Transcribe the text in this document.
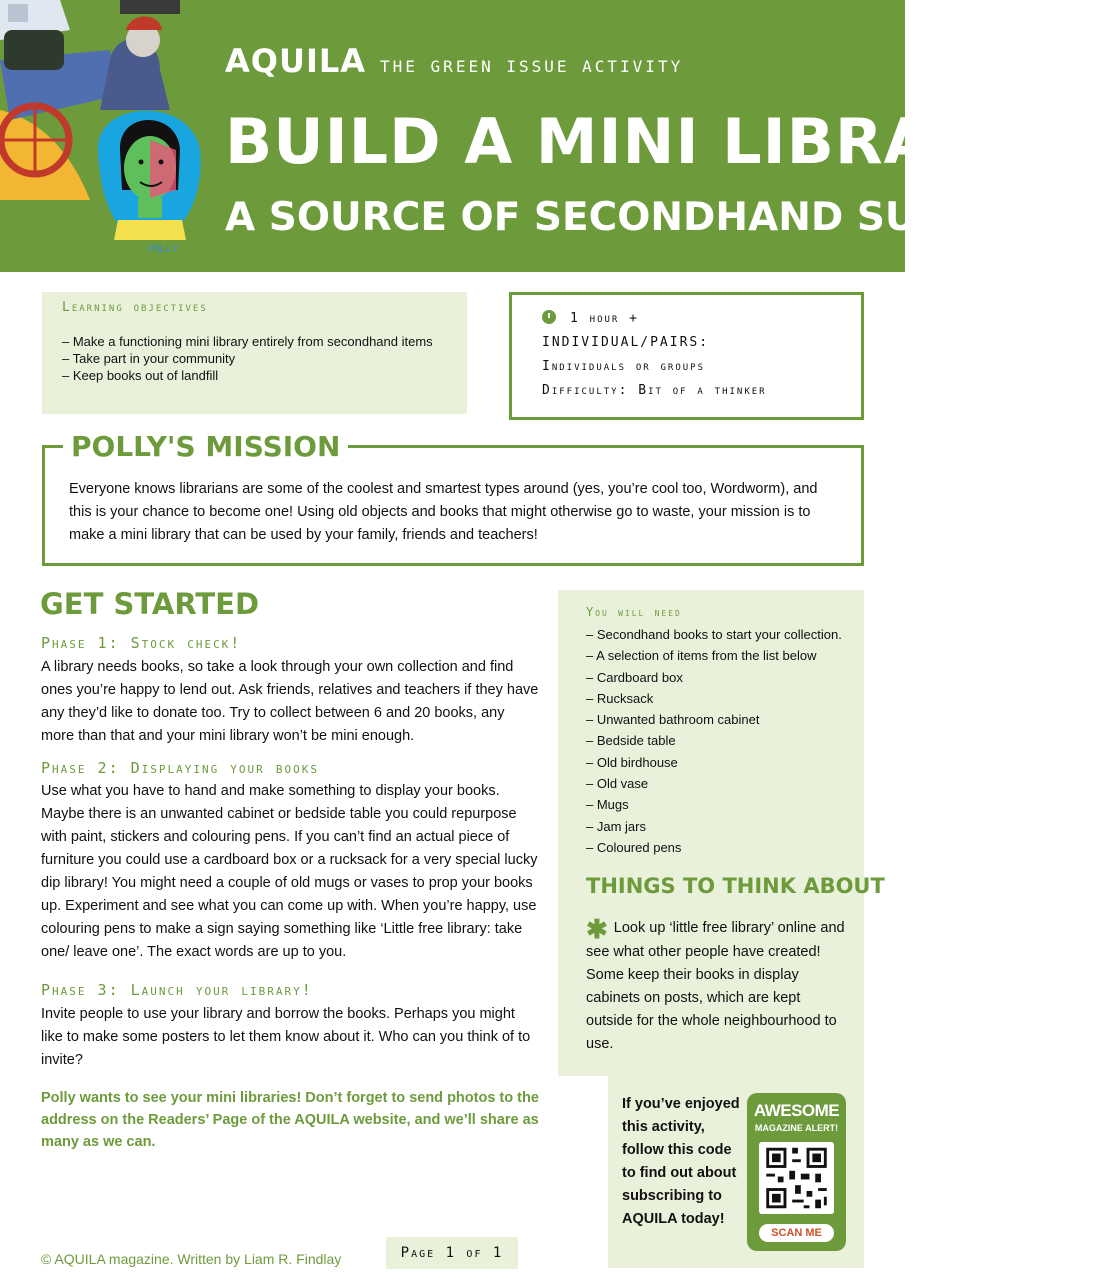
POLLY
AQUILA THE GREEN ISSUE ACTIVITY
BUILD A MINI LIBRARY
A SOURCE OF SECONDHAND SURPRISES
Learning objectives
– Make a functioning mini library entirely from secondhand items
– Take part in your community
– Keep books out of landfill
1 hour +
INDIVIDUAL/PAIRS:
Individuals or groups
Difficulty: Bit of a thinker
POLLY'S MISSION
Everyone knows librarians are some of the coolest and smartest types around (yes, you’re cool too, Wordworm), and this is your chance to become one! Using old objects and books that might otherwise go to waste, your mission is to make a mini library that can be used by your family, friends and teachers!
GET STARTED
Phase 1: Stock check!
A library needs books, so take a look through your own collection and find ones you’re happy to lend out. Ask friends, relatives and teachers if they have any they’d like to donate too. Try to collect between 6 and 20 books, any more than that and your mini library won’t be mini enough.
Phase 2: Displaying your books
Use what you have to hand and make something to display your books. Maybe there is an unwanted cabinet or bedside table you could repurpose with paint, stickers and colouring pens. If you can’t find an actual piece of furniture you could use a cardboard box or a rucksack for a very special lucky dip library! You might need a couple of old mugs or vases to prop your books up. Experiment and see what you can come up with. When you’re happy, use colouring pens to make a sign saying something like ‘Little free library: take one/ leave one’. The exact words are up to you.
Phase 3: Launch your library!
Invite people to use your library and borrow the books. Perhaps you might like to make some posters to let them know about it. Who can you think of to invite?
Polly wants to see your mini libraries! Don’t forget to send photos to the address on the Readers’ Page of the AQUILA website, and we’ll share as many as we can.
You will need
– Secondhand books to start your collection.
– A selection of items from the list below
– Cardboard box
– Rucksack
– Unwanted bathroom cabinet
– Bedside table
– Old birdhouse
– Old vase
– Mugs
– Jam jars
– Coloured pens
THINGS TO THINK ABOUT
✱ Look up ‘little free library’ online and see what other people have created! Some keep their books in display cabinets on posts, which are kept outside for the whole neighbourhood to use.
If you’ve enjoyed this activity, follow this code to find out about subscribing to AQUILA today!
AWESOME
MAGAZINE ALERT!
SCAN ME
© AQUILA magazine. Written by Liam R. Findlay	Page 1 of 1
